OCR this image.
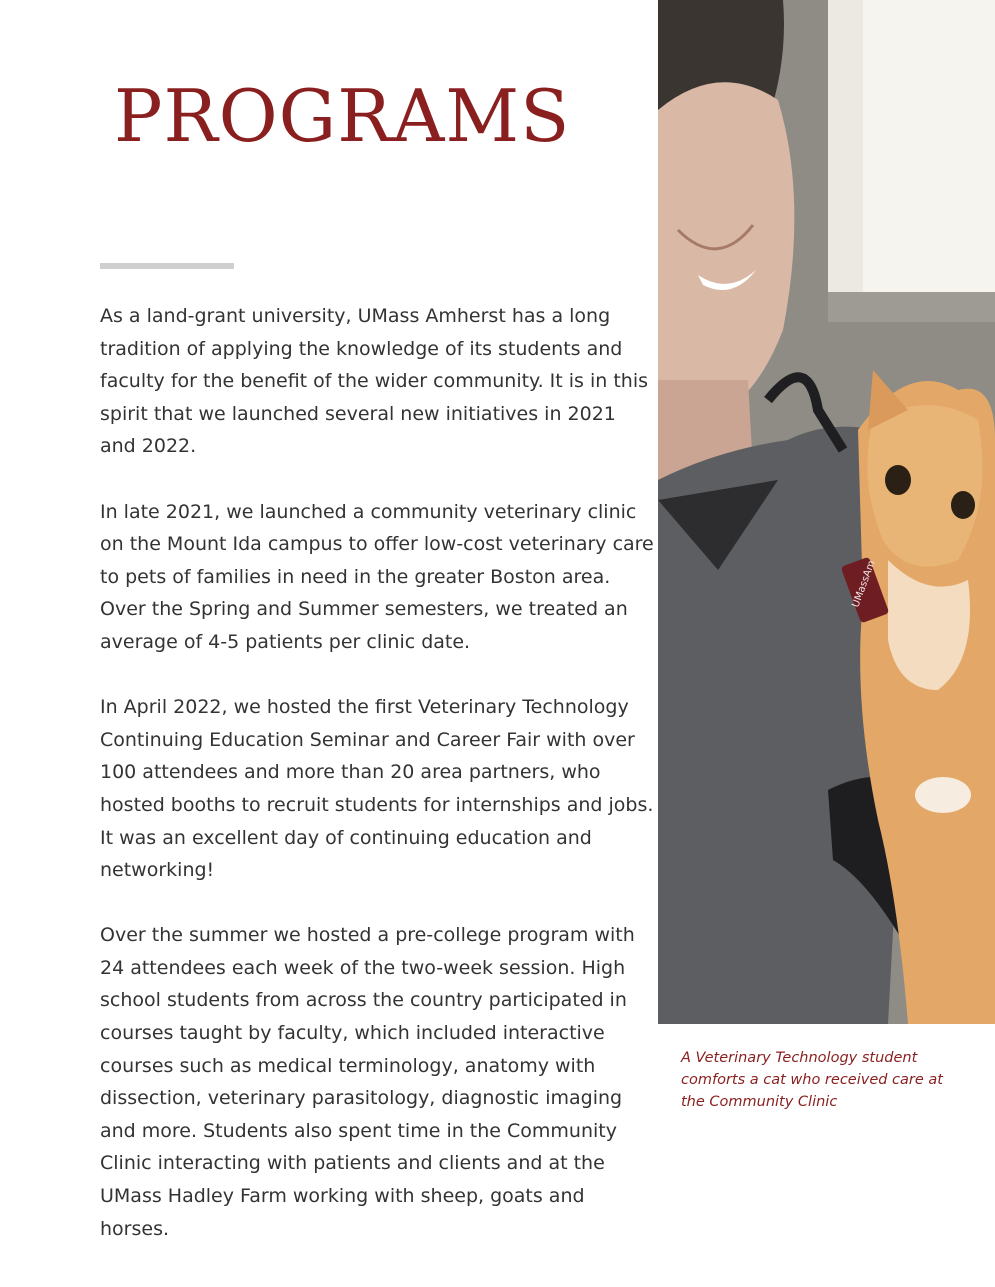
PROGRAMS

As a land-grant university, UMass Amherst has a long tradition of applying the knowledge of its students and faculty for the benefit of the wider community. It is in this spirit that we launched several new initiatives in 2021 and 2022.

In late 2021, we launched a community veterinary clinic on the Mount Ida campus to offer low-cost veterinary care to pets of families in need in the greater Boston area. Over the Spring and Summer semesters, we treated an average of 4-5 patients per clinic date.

In April 2022, we hosted the first Veterinary Technology Continuing Education Seminar and Career Fair with over 100 attendees and more than 20 area partners, who hosted booths to recruit students for internships and jobs. It was an excellent day of continuing education and networking!

Over the summer we hosted a pre-college program with 24 attendees each week of the two-week session. High school students from across the country participated in courses taught by faculty, which included interactive courses such as medical terminology, anatomy with dissection, veterinary parasitology, diagnostic imaging and more. Students also spent time in the Community Clinic interacting with patients and clients and at the UMass Hadley Farm working with sheep, goats and horses.

UMassAm
A Veterinary Technology student comforts a cat who received care at the Community Clinic
